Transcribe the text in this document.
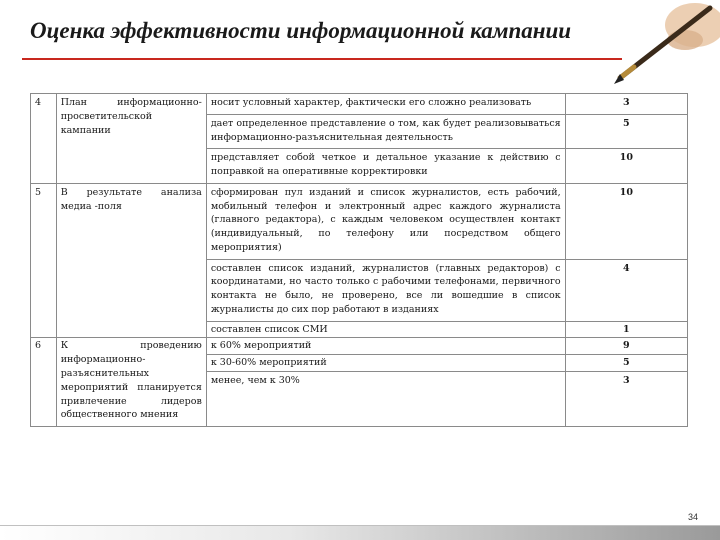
Оценка эффективности информационной кампании
4	План информационно-просветительской кампании	носит условный характер, фактически его сложно реализовать	3
		дает определенное представление о том, как будет реализовываться информационно-разъяснительная деятельность	5
		представляет собой четкое и детальное указание к действию с поправкой на оперативные корректировки	10
5	В результате анализа медиа -поля	сформирован пул изданий и список журналистов, есть рабочий, мобильный телефон и электронный адрес каждого журналиста (главного редактора), с каждым человеком осуществлен контакт (индивидуальный, по телефону или посредством общего мероприятия)	10
		составлен список изданий, журналистов (главных редакторов) с координатами, но часто только с рабочими телефонами, первичного контакта не было, не проверено, все ли вошедшие в список журналисты до сих пор работают в изданиях	4
		составлен список СМИ	1
6	К проведению информационно-разъяснительных мероприятий планируется привлечение лидеров общественного мнения	к 60% мероприятий	9
		к 30-60% мероприятий	5
		менее, чем к 30%	3
34
